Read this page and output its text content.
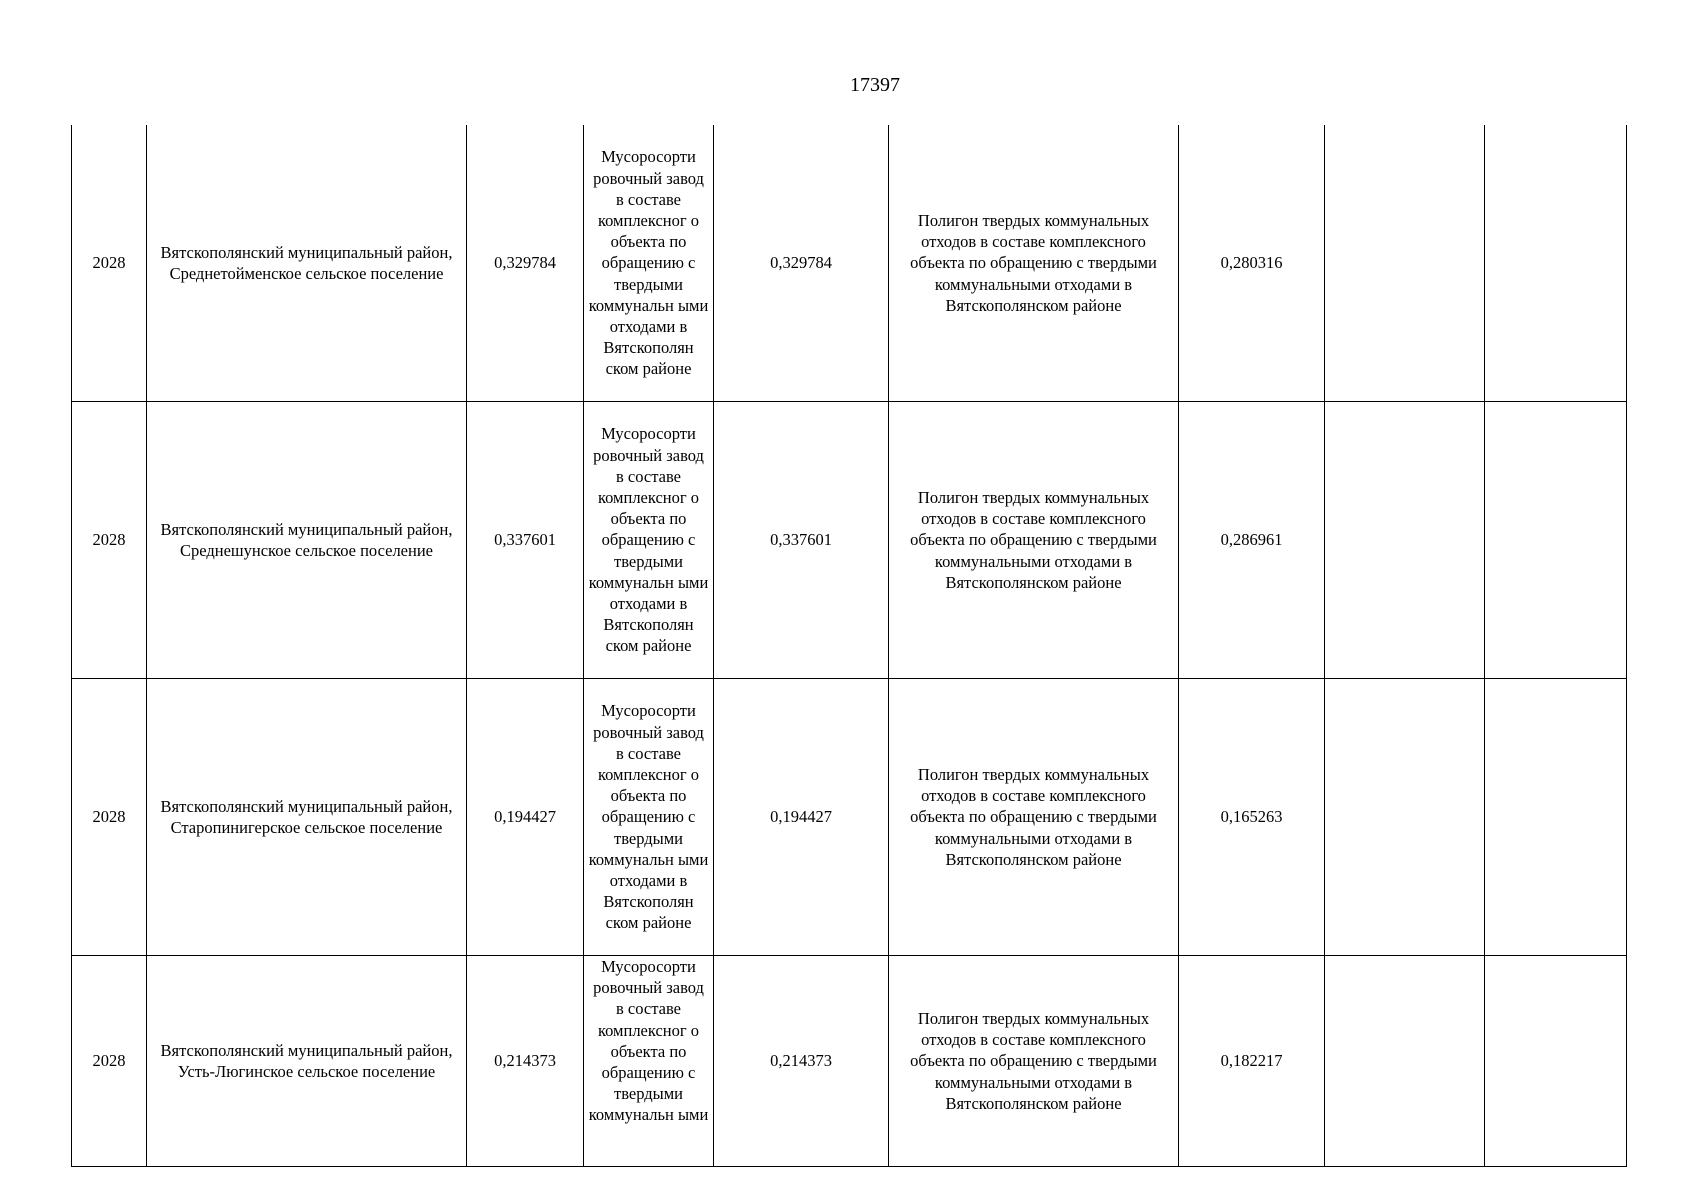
17397
2028	Вятскополянский муниципальный район, Среднетойменское сельское поселение	0,329784	Мусоросорти ровочный завод в составе комплексног о объекта по обращению с твердыми коммунальн ыми отходами в Вятскополян ском районе	0,329784	Полигон твердых коммунальных отходов в составе комплексного объекта по обращению с твердыми коммунальными отходами в Вятскополянском районе	0,280316		
2028	Вятскополянский муниципальный район, Среднешунское сельское поселение	0,337601	Мусоросорти ровочный завод в составе комплексног о объекта по обращению с твердыми коммунальн ыми отходами в Вятскополян ском районе	0,337601	Полигон твердых коммунальных отходов в составе комплексного объекта по обращению с твердыми коммунальными отходами в Вятскополянском районе	0,286961		
2028	Вятскополянский муниципальный район, Старопинигерское сельское поселение	0,194427	Мусоросорти ровочный завод в составе комплексног о объекта по обращению с твердыми коммунальн ыми отходами в Вятскополян ском районе	0,194427	Полигон твердых коммунальных отходов в составе комплексного объекта по обращению с твердыми коммунальными отходами в Вятскополянском районе	0,165263		
2028	Вятскополянский муниципальный район, Усть-Люгинское сельское поселение	0,214373	Мусоросорти ровочный завод в составе комплексног о объекта по обращению с твердыми коммунальн ыми	0,214373	Полигон твердых коммунальных отходов в составе комплексного объекта по обращению с твердыми коммунальными отходами в Вятскополянском районе	0,182217		
